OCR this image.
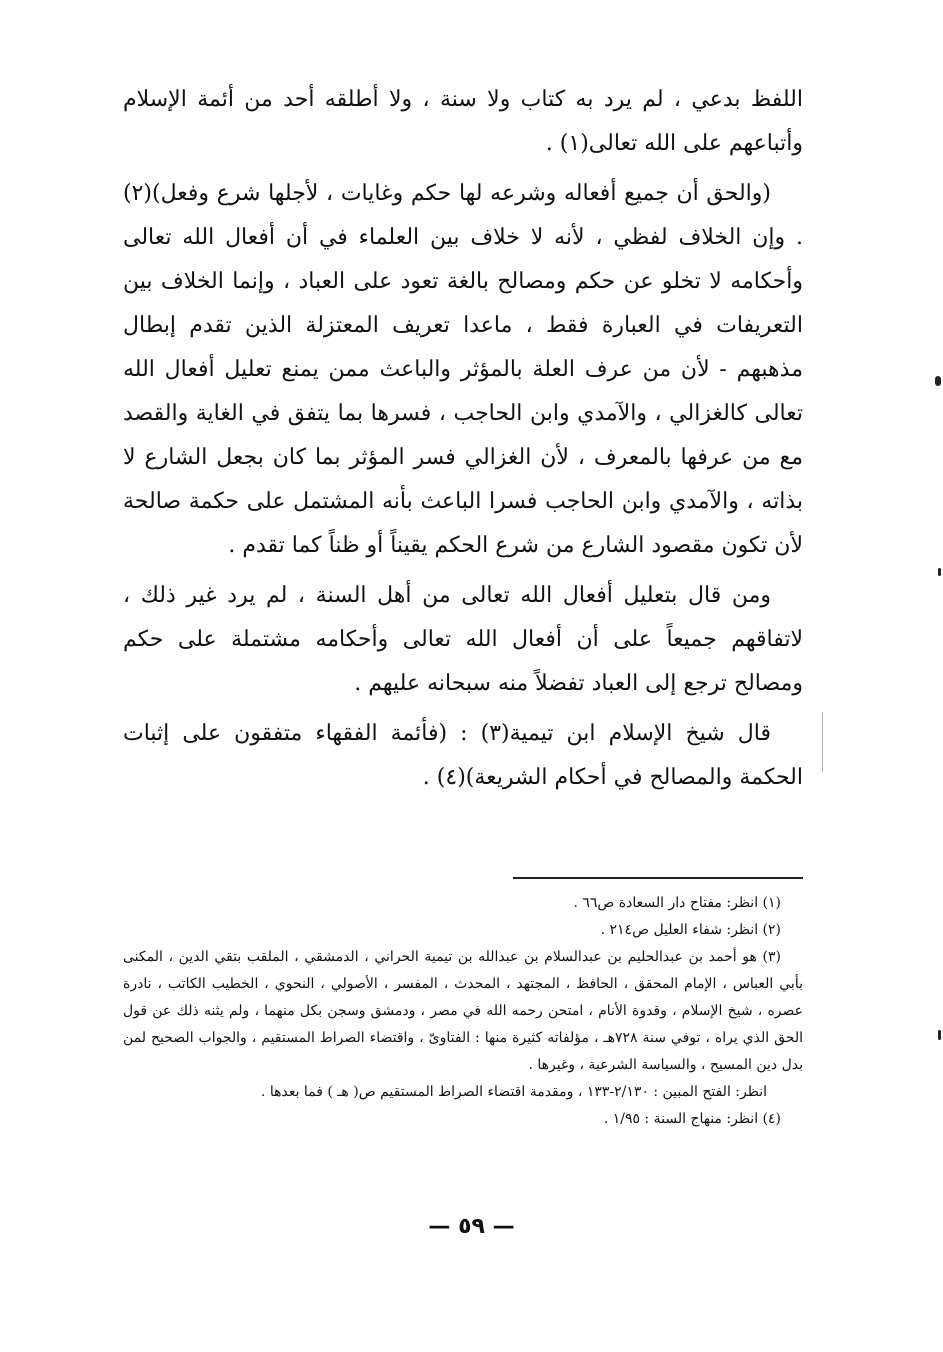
اللفظ بدعي ، لم يرد به كتاب ولا سنة ، ولا أطلقه أحد من أئمة الإسلام وأتباعهم على الله تعالى(١) .

(والحق أن جميع أفعاله وشرعه لها حكم وغايات ، لأجلها شرع وفعل)(٢) . وإن الخلاف لفظي ، لأنه لا خلاف بين العلماء في أن أفعال الله تعالى وأحكامه لا تخلو عن حكم ومصالح بالغة تعود على العباد ، وإنما الخلاف بين التعريفات في العبارة فقط ، ماعدا تعريف المعتزلة الذين تقدم إبطال مذهبهم - لأن من عرف العلة بالمؤثر والباعث ممن يمنع تعليل أفعال الله تعالى كالغزالي ، والآمدي وابن الحاجب ، فسرها بما يتفق في الغاية والقصد مع من عرفها بالمعرف ، لأن الغزالي فسر المؤثر بما كان بجعل الشارع لا بذاته ، والآمدي وابن الحاجب فسرا الباعث بأنه المشتمل على حكمة صالحة لأن تكون مقصود الشارع من شرع الحكم يقيناً أو ظناً كما تقدم .

ومن قال بتعليل أفعال الله تعالى من أهل السنة ، لم يرد غير ذلك ، لاتفاقهم جميعاً على أن أفعال الله تعالى وأحكامه مشتملة على حكم ومصالح ترجع إلى العباد تفضلاً منه سبحانه عليهم .

قال شيخ الإسلام ابن تيمية(٣) : (فأئمة الفقهاء متفقون على إثبات الحكمة والمصالح في أحكام الشريعة)(٤) .

(١) انظر: مفتاح دار السعادة ص٦٦ .

(٢) انظر: شفاء العليل ص٢١٤ .

(٣) هو أحمد بن عبدالحليم بن عبدالسلام بن عبدالله بن تيمية الحراني ، الدمشقي ، الملقب بتقي الدين ، المكنى بأبي العباس ، الإمام المحقق ، الحافظ ، المجتهد ، المحدث ، المفسر ، الأصولي ، النحوي ، الخطيب الكاتب ، نادرة عصره ، شيخ الإسلام ، وقدوة الأنام ، امتحن رحمه الله في مصر ، ودمشق وسجن بكل منهما ، ولم يثنه ذلك عن قول الحق الذي يراه ، توفي سنة ٧٢٨هـ ، مؤلفاته كثيرة منها : الفتاوىّ ، واقتضاء الصراط المستقيم ، والجواب الصحيح لمن بدل دين المسيح ، والسياسة الشرعية ، وغيرها .

انظر: الفتح المبين : ٢/١٣٠-١٣٣ ، ومقدمة اقتضاء الصراط المستقيم ص( هـ ) فما بعدها .

(٤) انظر: منهاج السنة : ١/٩٥ .

— ٥٩ —
